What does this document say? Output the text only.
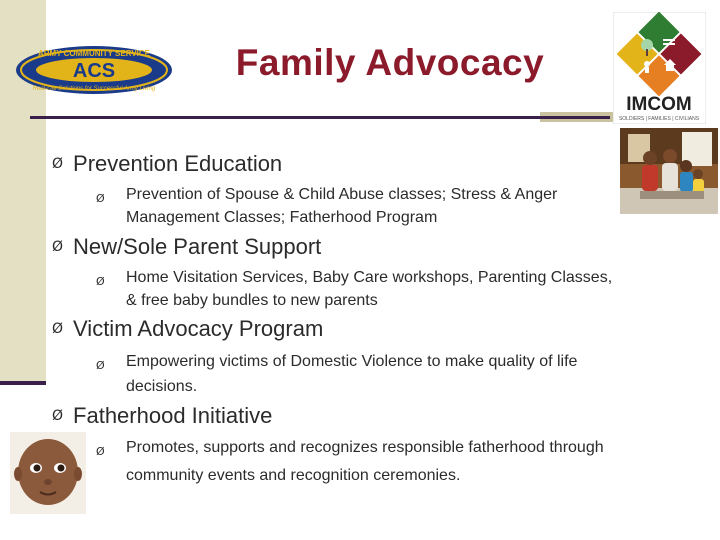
ARMY COMMUNITY SERVICE
ACS
Real-Life Solutions for Successful Army Living
Family Advocacy
IMCOM
SOLDIERS | FAMILIES | CIVILIANS
Ø Prevention Education
Ø Prevention of Spouse & Child Abuse classes; Stress & Anger Management Classes; Fatherhood Program
Ø New/Sole Parent Support
Ø Home Visitation Services, Baby Care workshops, Parenting Classes, & free baby bundles to new parents
Ø Victim Advocacy Program
Ø Empowering victims of Domestic Violence to make quality of life decisions.
Ø Fatherhood Initiative
Ø Promotes, supports and recognizes responsible fatherhood through community events and recognition ceremonies.
